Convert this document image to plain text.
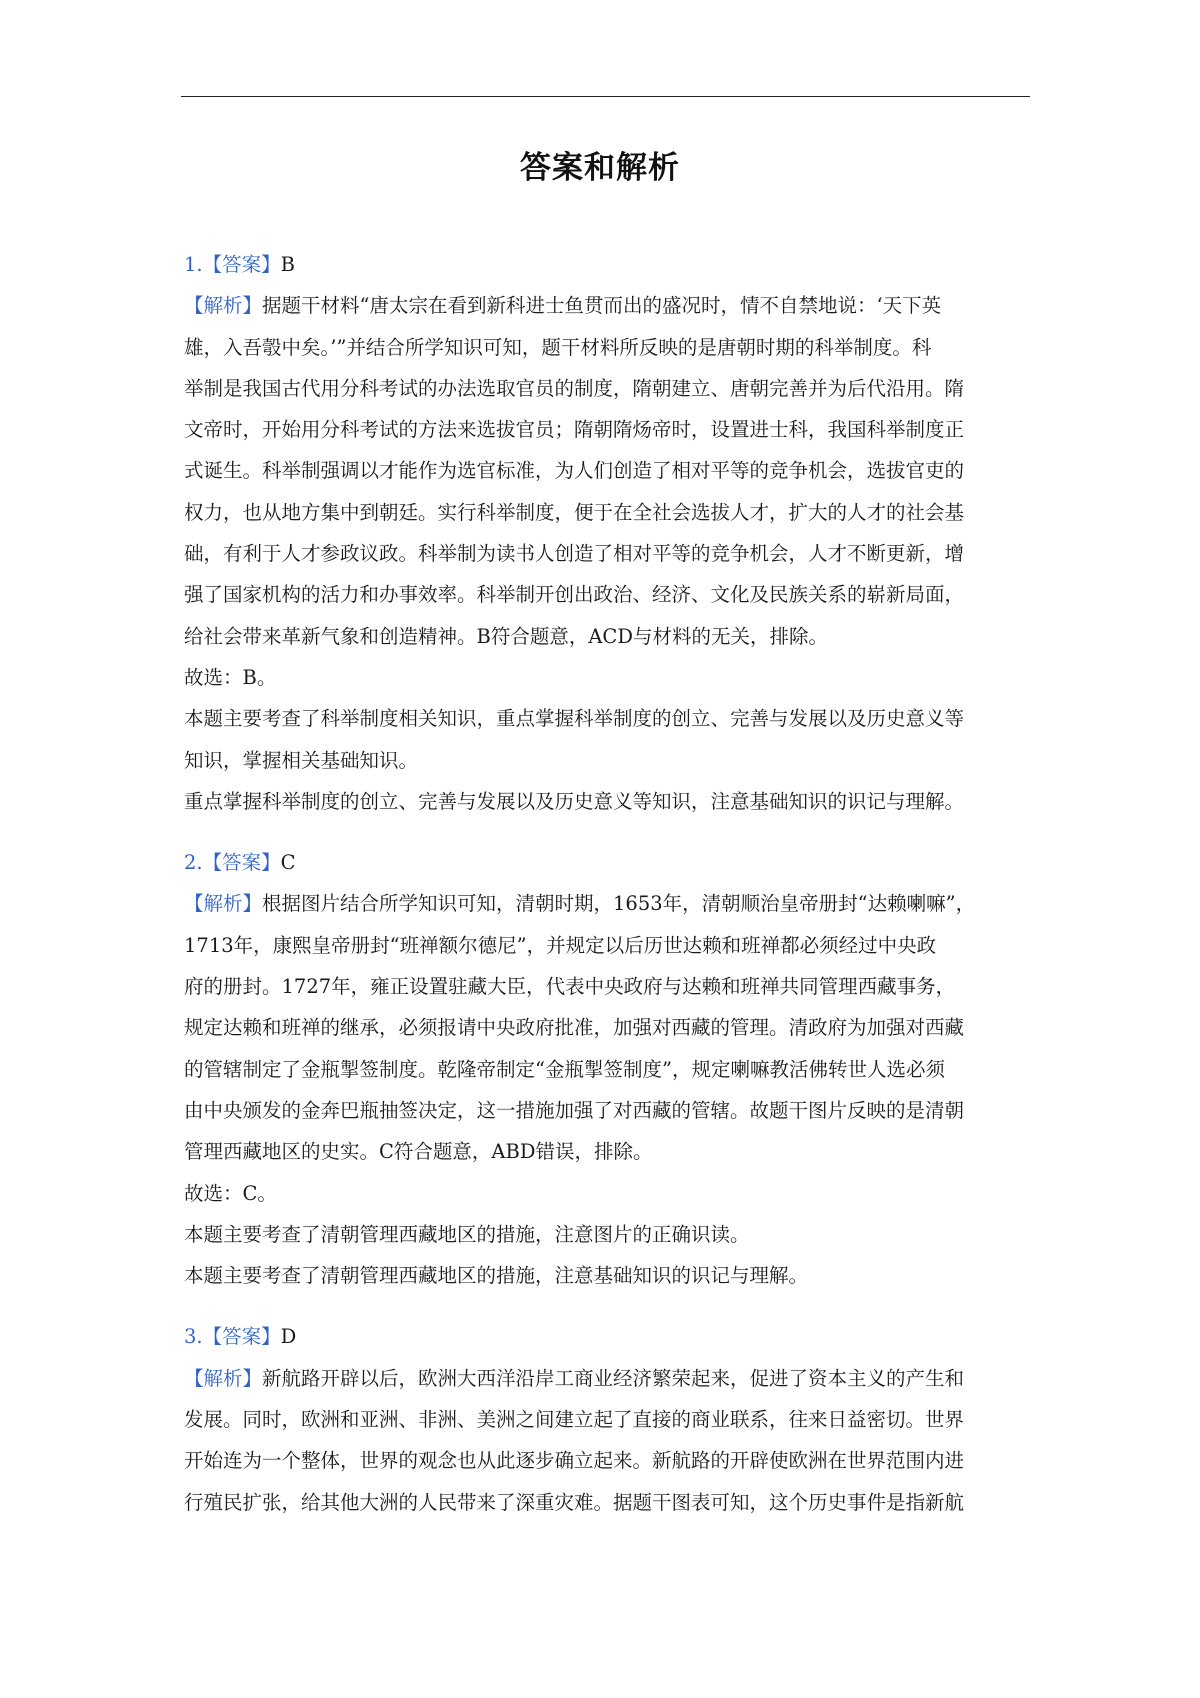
答案和解析
1.【答案】B
【解析】据题干材料“唐太宗在看到新科进士鱼贯而出的盛况时，情不自禁地说：‘天下英
雄，入吾彀中矣。’”并结合所学知识可知，题干材料所反映的是唐朝时期的科举制度。科
举制是我国古代用分科考试的办法选取官员的制度，隋朝建立、唐朝完善并为后代沿用。隋
文帝时，开始用分科考试的方法来选拔官员；隋朝隋炀帝时，设置进士科，我国科举制度正
式诞生。科举制强调以才能作为选官标准，为人们创造了相对平等的竞争机会，选拔官吏的
权力，也从地方集中到朝廷。实行科举制度，便于在全社会选拔人才，扩大的人才的社会基
础，有利于人才参政议政。科举制为读书人创造了相对平等的竞争机会，人才不断更新，增
强了国家机构的活力和办事效率。科举制开创出政治、经济、文化及民族关系的崭新局面，
给社会带来革新气象和创造精神。B符合题意，ACD与材料的无关，排除。
故选：B。
本题主要考查了科举制度相关知识，重点掌握科举制度的创立、完善与发展以及历史意义等
知识，掌握相关基础知识。
重点掌握科举制度的创立、完善与发展以及历史意义等知识，注意基础知识的识记与理解。
2.【答案】C
【解析】根据图片结合所学知识可知，清朝时期，1653年，清朝顺治皇帝册封“达赖喇嘛”，
1713年，康熙皇帝册封“班禅额尔德尼”，并规定以后历世达赖和班禅都必须经过中央政
府的册封。1727年，雍正设置驻藏大臣，代表中央政府与达赖和班禅共同管理西藏事务，
规定达赖和班禅的继承，必须报请中央政府批准，加强对西藏的管理。清政府为加强对西藏
的管辖制定了金瓶掣签制度。乾隆帝制定“金瓶掣签制度”，规定喇嘛教活佛转世人选必须
由中央颁发的金奔巴瓶抽签决定，这一措施加强了对西藏的管辖。故题干图片反映的是清朝
管理西藏地区的史实。C符合题意，ABD错误，排除。
故选：C。
本题主要考查了清朝管理西藏地区的措施，注意图片的正确识读。
本题主要考查了清朝管理西藏地区的措施，注意基础知识的识记与理解。
3.【答案】D
【解析】新航路开辟以后，欧洲大西洋沿岸工商业经济繁荣起来，促进了资本主义的产生和
发展。同时，欧洲和亚洲、非洲、美洲之间建立起了直接的商业联系，往来日益密切。世界
开始连为一个整体，世界的观念也从此逐步确立起来。新航路的开辟使欧洲在世界范围内进
行殖民扩张，给其他大洲的人民带来了深重灾难。据题干图表可知，这个历史事件是指新航
